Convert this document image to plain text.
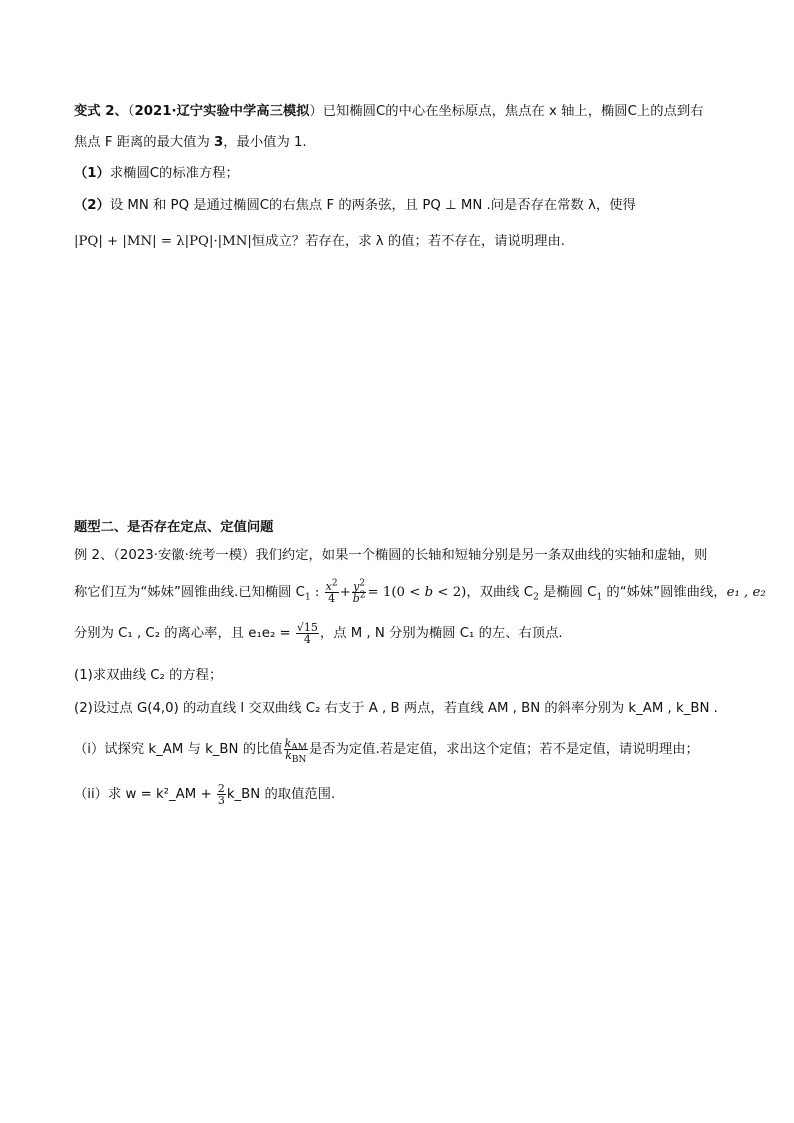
变式 2、（2021·辽宁实验中学高三模拟）已知椭圆C的中心在坐标原点，焦点在 x 轴上，椭圆C上的点到右
焦点 F 距离的最大值为 3，最小值为 1.
（1）求椭圆C的标准方程；
（2）设 MN 和 PQ 是通过椭圆C的右焦点 F 的两条弦，且 PQ ⊥ MN .问是否存在常数 λ，使得
|PQ| + |MN| = λ|PQ|·|MN|恒成立？若存在，求 λ 的值；若不存在，请说明理由.
题型二、是否存在定点、定值问题
例 2、（2023·安徽·统考一模）我们约定，如果一个椭圆的长轴和短轴分别是另一条双曲线的实轴和虚轴，则
称它们互为“姊妹”圆锥曲线.已知椭圆 $C_1$ : $\frac{x^2}{4} + \frac{y^2}{b^2} = 1(0 < b < 2)$，双曲线 $C_2$ 是椭圆 $C_1$ 的“姊妹”圆锥曲线，e₁ , e₂
分别为 C₁ , C₂ 的离心率，且 $e_1e_2 = \frac{√15}{4}$ ，点 M , N 分别为椭圆 C₁ 的左、右顶点.
(1)求双曲线 C₂ 的方程；
(2)设过点 G(4,0) 的动直线 l 交双曲线 C₂ 右支于 A , B 两点，若直线 AM , BN 的斜率分别为 k_AM , k_BN .
（i）试探究 k_AM 与 k_BN 的比值 $\frac{k_{AM}}{k_{BN}}$ 是否为定值.若是定值，求出这个定值；若不是定值，请说明理由；
（ii）求 w = k²_AM + $\frac{2}{3}$ k_BN 的取值范围.
